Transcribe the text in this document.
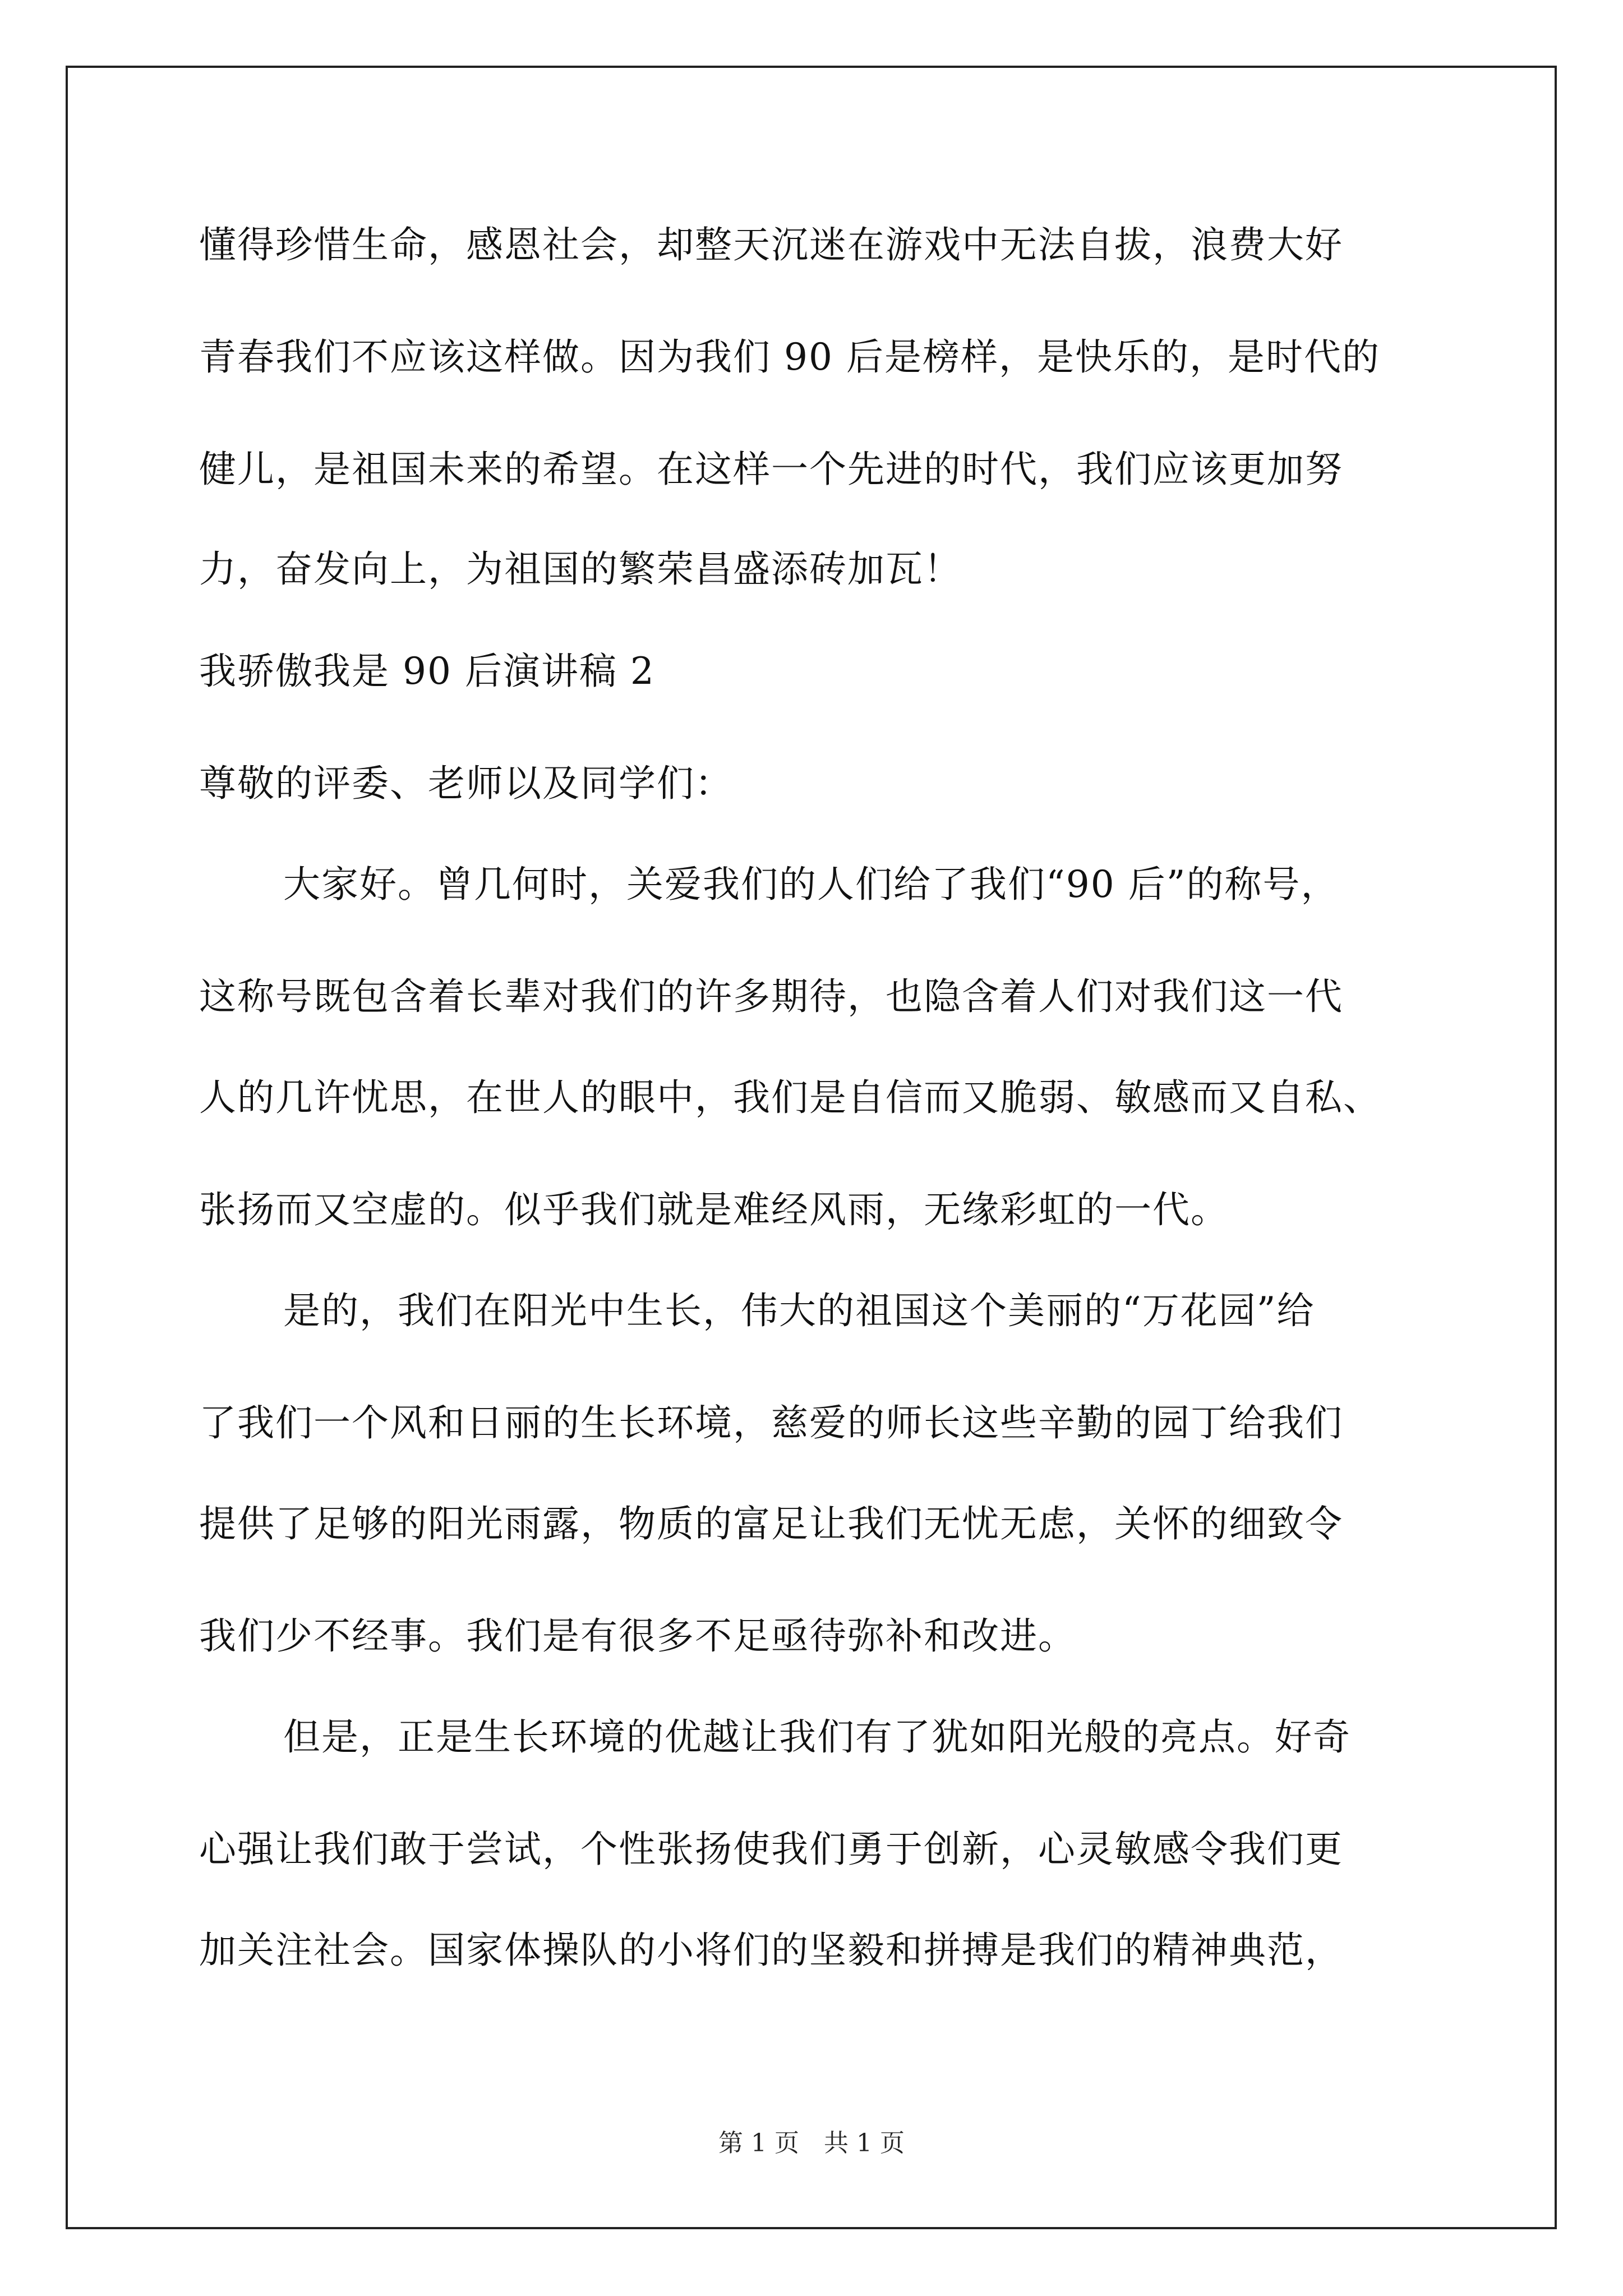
懂得珍惜生命，感恩社会，却整天沉迷在游戏中无法自拔，浪费大好
青春我们不应该这样做。因为我们 90 后是榜样，是快乐的，是时代的
健儿，是祖国未来的希望。在这样一个先进的时代，我们应该更加努
力，奋发向上，为祖国的繁荣昌盛添砖加瓦！
我骄傲我是 90 后演讲稿 2
尊敬的评委、老师以及同学们：
大家好。曾几何时，关爱我们的人们给了我们“90 后”的称号，
这称号既包含着长辈对我们的许多期待，也隐含着人们对我们这一代
人的几许忧思，在世人的眼中，我们是自信而又脆弱、敏感而又自私、
张扬而又空虚的。似乎我们就是难经风雨，无缘彩虹的一代。
是的，我们在阳光中生长，伟大的祖国这个美丽的“万花园”给
了我们一个风和日丽的生长环境，慈爱的师长这些辛勤的园丁给我们
提供了足够的阳光雨露，物质的富足让我们无忧无虑，关怀的细致令
我们少不经事。我们是有很多不足亟待弥补和改进。
但是，正是生长环境的优越让我们有了犹如阳光般的亮点。好奇
心强让我们敢于尝试，个性张扬使我们勇于创新，心灵敏感令我们更
加关注社会。国家体操队的小将们的坚毅和拼搏是我们的精神典范，
第 1 页　共 1 页
